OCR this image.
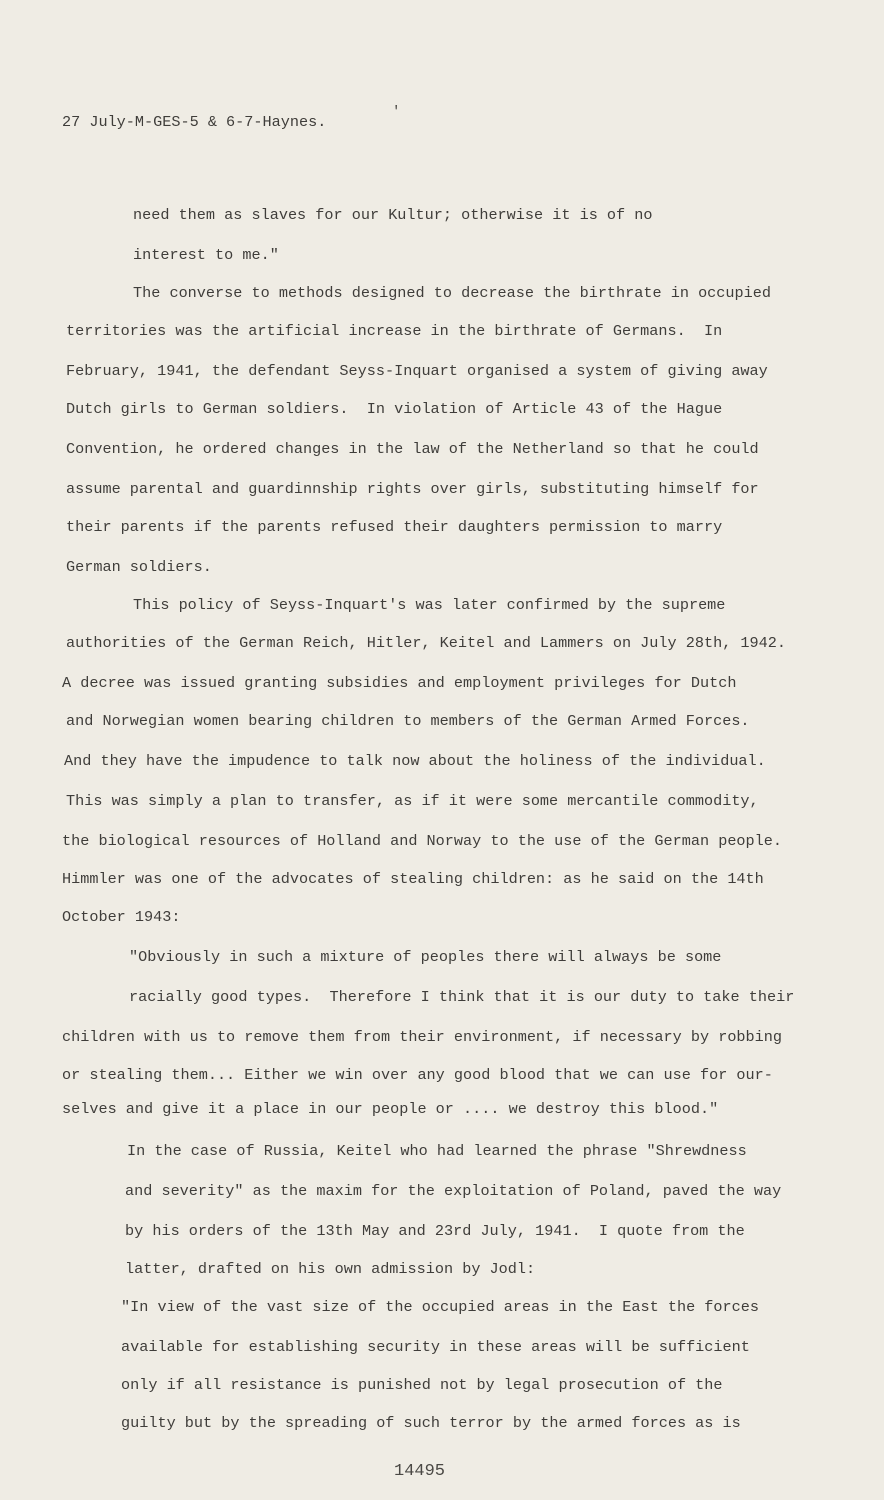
27 July-M-GES-5 & 6-7-Haynes.
′
need them as slaves for our Kultur; otherwise it is of no
interest to me."
The converse to methods designed to decrease the birthrate in occupied
territories was the artificial increase in the birthrate of Germans.  In
February, 1941, the defendant Seyss-Inquart organised a system of giving away
Dutch girls to German soldiers.  In violation of Article 43 of the Hague
Convention, he ordered changes in the law of the Netherland so that he could
assume parental and guardinnship rights over girls, substituting himself for
their parents if the parents refused their daughters permission to marry
German soldiers.
This policy of Seyss-Inquart's was later confirmed by the supreme
authorities of the German Reich, Hitler, Keitel and Lammers on July 28th, 1942.
A decree was issued granting subsidies and employment privileges for Dutch
and Norwegian women bearing children to members of the German Armed Forces.
And they have the impudence to talk now about the holiness of the individual.
This was simply a plan to transfer, as if it were some mercantile commodity,
the biological resources of Holland and Norway to the use of the German people.
Himmler was one of the advocates of stealing children: as he said on the 14th
October 1943:
"Obviously in such a mixture of peoples there will always be some
racially good types.  Therefore I think that it is our duty to take their
children with us to remove them from their environment, if necessary by robbing
or stealing them... Either we win over any good blood that we can use for our-
selves and give it a place in our people or .... we destroy this blood."
In the case of Russia, Keitel who had learned the phrase "Shrewdness
and severity" as the maxim for the exploitation of Poland, paved the way
by his orders of the 13th May and 23rd July, 1941.  I quote from the
latter, drafted on his own admission by Jodl:
"In view of the vast size of the occupied areas in the East the forces
available for establishing security in these areas will be sufficient
only if all resistance is punished not by legal prosecution of the
guilty but by the spreading of such terror by the armed forces as is
14495
